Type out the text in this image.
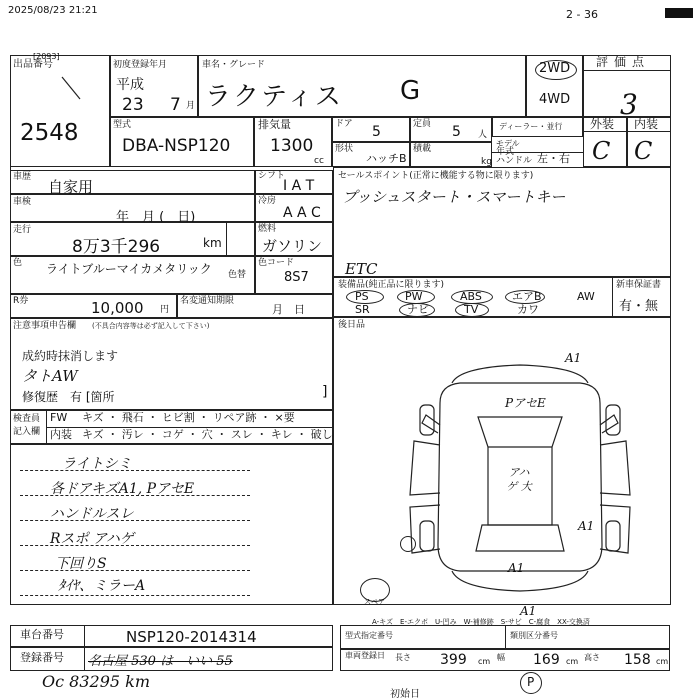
2025/08/23 21:21	2 - 36
[2093]
出品番号
2548
初度登録年月
平成
23 7 月
車名・グレード
ラクティス G
2WD
4WD
評価点
3
外装 内装
C C
型式
DBA-NSP120
排気量
1300
cc
ドア 5	定員 5 人
ディーラー・並行
形状
ハッチB
積載
kg
モデル
年式
ハンドル 左・右
車歴
自家用
車検
年　月 (　日)
走行
8万3千296	km
色 ライトブルーマイカメタリック	色替
シフト
I A T
冷房
A A C
燃料
ガソリン
色コード
8S7
セールスポイント(正常に機能する物に限ります)
プッシュスタート・スマートキー
ETC
装備品(純正品に限ります)	新車保証書
有・無
PS	PW	ABS	エアB	AW
SR	ナビ	TV	カワ
R券	10,000 円
名変通知期限
月　日
後日品
注意事項申告欄 (不具合内容等は必ず記入して下さい)
成約時抹消します
タトAW
修復歴　有 [箇所	]
検査員
記入欄
FW キズ ・ 飛石 ・ ヒビ割 ・ リペア跡 ・ ×要
内装 キズ ・ 汚レ ・ コゲ ・ 穴 ・ スレ ・ キレ ・ 破し
ライトシミ
各ドアキズA1, PアセE
ハンドルスレ
Rスポ アハゲ
下回りS
ﾀｲﾔ、ミラーA
A1
PアセE
アハゲ 大
A1
A1
A1
スペア
A-キズ　E-エクボ　U-凹み　W-補修跡　S-サビ　C-腐食　XX-交換済
車台番号	NSP120-2014314
登録番号 名古屋 530 は　いい 55
型式指定番号	類別区分番号
車両登録日 長さ 399 cm 幅 169 cm 高さ 158 cm
Oc 83295 km	P
初始日
